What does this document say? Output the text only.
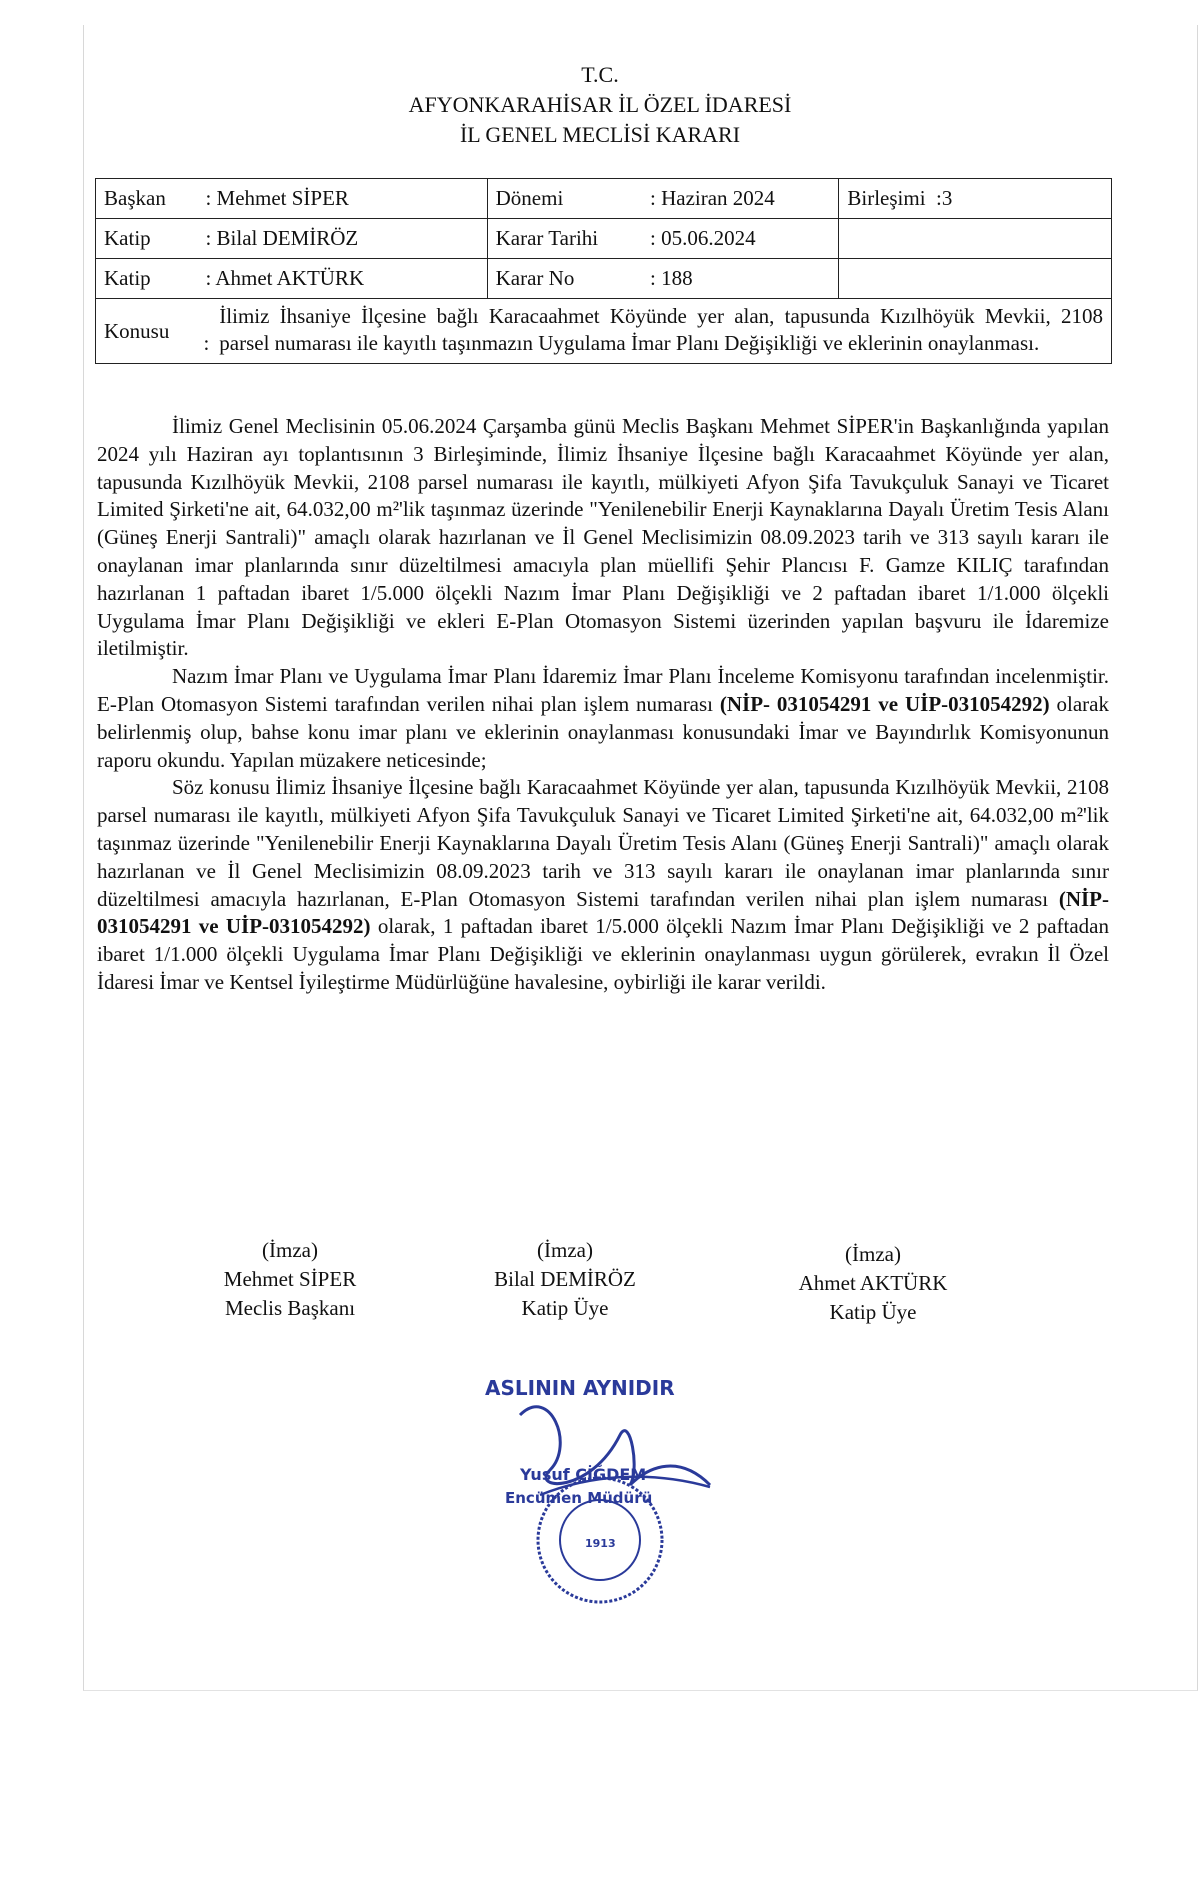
T.C.
AFYONKARAHİSAR İL ÖZEL İDARESİ
İL GENEL MECLİSİ KARARI
Başkan	: Mehmet SİPER	Dönemi	: Haziran 2024	Birleşimi :3
Katip	: Bilal DEMİRÖZ	Karar Tarihi	: 05.06.2024	
Katip	: Ahmet AKTÜRK	Karar No	: 188	
Konusu	:
İlimiz İhsaniye İlçesine bağlı Karacaahmet Köyünde yer alan, tapusunda Kızılhöyük Mevkii, 2108 parsel numarası ile kayıtlı taşınmazın Uygulama İmar Planı Değişikliği ve eklerinin onaylanması.			

İlimiz Genel Meclisinin 05.06.2024 Çarşamba günü Meclis Başkanı Mehmet SİPER'in Başkanlığında yapılan 2024 yılı Haziran ayı toplantısının 3 Birleşiminde, İlimiz İhsaniye İlçesine bağlı Karacaahmet Köyünde yer alan, tapusunda Kızılhöyük Mevkii, 2108 parsel numarası ile kayıtlı, mülkiyeti Afyon Şifa Tavukçuluk Sanayi ve Ticaret Limited Şirketi'ne ait, 64.032,00 m²'lik taşınmaz üzerinde "Yenilenebilir Enerji Kaynaklarına Dayalı Üretim Tesis Alanı (Güneş Enerji Santrali)" amaçlı olarak hazırlanan ve İl Genel Meclisimizin 08.09.2023 tarih ve 313 sayılı kararı ile onaylanan imar planlarında sınır düzeltilmesi amacıyla plan müellifi Şehir Plancısı F. Gamze KILIÇ tarafından hazırlanan 1 paftadan ibaret 1/5.000 ölçekli Nazım İmar Planı Değişikliği ve 2 paftadan ibaret 1/1.000 ölçekli Uygulama İmar Planı Değişikliği ve ekleri E-Plan Otomasyon Sistemi üzerinden yapılan başvuru ile İdaremize iletilmiştir.

Nazım İmar Planı ve Uygulama İmar Planı İdaremiz İmar Planı İnceleme Komisyonu tarafından incelenmiştir. E-Plan Otomasyon Sistemi tarafından verilen nihai plan işlem numarası (NİP- 031054291 ve UİP-031054292) olarak belirlenmiş olup, bahse konu imar planı ve eklerinin onaylanması konusundaki İmar ve Bayındırlık Komisyonunun raporu okundu. Yapılan müzakere neticesinde;

Söz konusu İlimiz İhsaniye İlçesine bağlı Karacaahmet Köyünde yer alan, tapusunda Kızılhöyük Mevkii, 2108 parsel numarası ile kayıtlı, mülkiyeti Afyon Şifa Tavukçuluk Sanayi ve Ticaret Limited Şirketi'ne ait, 64.032,00 m²'lik taşınmaz üzerinde "Yenilenebilir Enerji Kaynaklarına Dayalı Üretim Tesis Alanı (Güneş Enerji Santrali)" amaçlı olarak hazırlanan ve İl Genel Meclisimizin 08.09.2023 tarih ve 313 sayılı kararı ile onaylanan imar planlarında sınır düzeltilmesi amacıyla hazırlanan, E-Plan Otomasyon Sistemi tarafından verilen nihai plan işlem numarası (NİP- 031054291 ve UİP-031054292) olarak, 1 paftadan ibaret 1/5.000 ölçekli Nazım İmar Planı Değişikliği ve 2 paftadan ibaret 1/1.000 ölçekli Uygulama İmar Planı Değişikliği ve eklerinin onaylanması uygun görülerek, evrakın İl Özel İdaresi İmar ve Kentsel İyileştirme Müdürlüğüne havalesine, oybirliği ile karar verildi.

(İmza)
Mehmet SİPER
Meclis Başkanı
(İmza)
Bilal DEMİRÖZ
Katip Üye
(İmza)
Ahmet AKTÜRK
Katip Üye
ASLININ AYNIDIR
Yusuf ÇİĞDEM
Encümen Müdürü
1913
